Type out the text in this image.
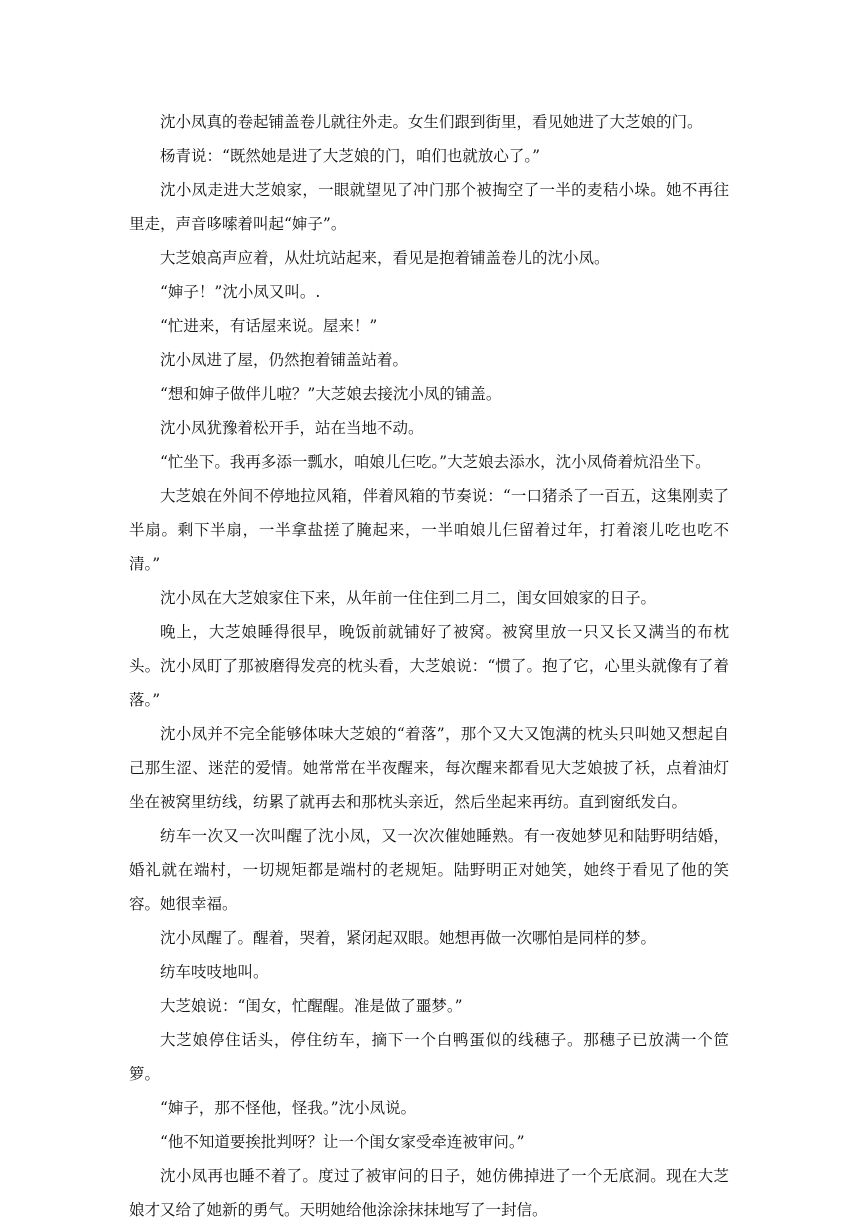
沈小凤真的卷起铺盖卷儿就往外走。女生们跟到街里，看见她进了大芝娘的门。

杨青说：“既然她是进了大芝娘的门，咱们也就放心了。”

沈小凤走进大芝娘家，一眼就望见了冲门那个被掏空了一半的麦秸小垛。她不再往里走，声音哆嗦着叫起“婶子”。

大芝娘高声应着，从灶坑站起来，看见是抱着铺盖卷儿的沈小凤。

“婶子！”沈小凤又叫。.

“忙进来，有话屋来说。屋来！”

沈小凤进了屋，仍然抱着铺盖站着。

“想和婶子做伴儿啦？”大芝娘去接沈小凤的铺盖。

沈小凤犹豫着松开手，站在当地不动。

“忙坐下。我再多添一瓢水，咱娘儿仨吃。”大芝娘去添水，沈小凤倚着炕沿坐下。

大芝娘在外间不停地拉风箱，伴着风箱的节奏说：“一口猪杀了一百五，这集刚卖了半扇。剩下半扇，一半拿盐搓了腌起来，一半咱娘儿仨留着过年，打着滚儿吃也吃不清。”

沈小凤在大芝娘家住下来，从年前一住住到二月二，闺女回娘家的日子。

晚上，大芝娘睡得很早，晚饭前就铺好了被窝。被窝里放一只又长又满当的布枕头。沈小凤盯了那被磨得发亮的枕头看，大芝娘说：“惯了。抱了它，心里头就像有了着落。”

沈小凤并不完全能够体味大芝娘的“着落”，那个又大又饱满的枕头只叫她又想起自己那生涩、迷茫的爱情。她常常在半夜醒来，每次醒来都看见大芝娘披了袄，点着油灯坐在被窝里纺线，纺累了就再去和那枕头亲近，然后坐起来再纺。直到窗纸发白。

纺车一次又一次叫醒了沈小凤，又一次次催她睡熟。有一夜她梦见和陆野明结婚，婚礼就在端村，一切规矩都是端村的老规矩。陆野明正对她笑，她终于看见了他的笑容。她很幸福。

沈小凤醒了。醒着，哭着，紧闭起双眼。她想再做一次哪怕是同样的梦。

纺车吱吱地叫。

大芝娘说：“闺女，忙醒醒。准是做了噩梦。”

大芝娘停住话头，停住纺车，摘下一个白鸭蛋似的线穗子。那穗子已放满一个笸箩。

“婶子，那不怪他，怪我。”沈小凤说。

“他不知道要挨批判呀？让一个闺女家受牵连被审问。”

沈小凤再也睡不着了。度过了被审问的日子，她仿佛掉进了一个无底洞。现在大芝娘才又给了她新的勇气。天明她给他涂涂抹抹地写了一封信。
